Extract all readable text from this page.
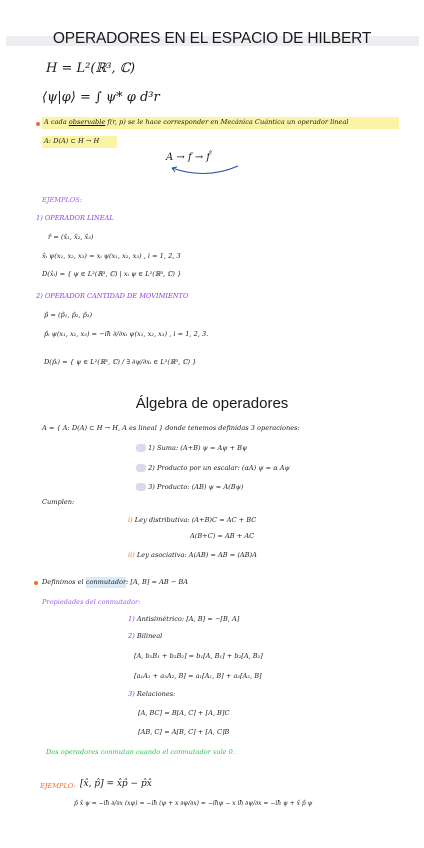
OPERADORES EN EL ESPACIO DE HILBERT
H = L²(ℝ³, ℂ)
⟨ψ|φ⟩ = ∫ ψ* φ d³r
A cada observable f(r, p) se le hace corresponder en Mecánica Cuántica un operador lineal
A: D(A) ⊂ H → H
A → f → f̂
EJEMPLOS:
1) OPERADOR LINEAL
r̂ = (x̂₁, x̂₂, x̂₃)
x̂ᵢ ψ(x₁, x₂, x₃) = xᵢ ψ(x₁, x₂, x₃) , i = 1, 2, 3
D(x̂ᵢ) = { ψ ∈ L²(ℝ³, ℂ) | xᵢ ψ ∈ L²(ℝ³, ℂ) }
2) OPERADOR CANTIDAD DE MOVIMIENTO
p̂ = (p̂₁, p̂₂, p̂₃)
p̂ᵢ ψ(x₁, x₂, x₃) = −iħ ∂/∂xᵢ ψ(x₁, x₂, x₃) , i = 1, 2, 3.
D(p̂ᵢ) = { ψ ∈ L²(ℝ³, ℂ) / ∃ ∂ψ/∂xᵢ ∈ L²(ℝ³, ℂ) }
Álgebra de operadores
A = { A: D(A) ⊂ H → H, A es lineal } donde tenemos definidas 3 operaciones:
1) Suma: (A+B) ψ = Aψ + Bψ
2) Producto por un escalar: (αA) ψ = α Aψ
3) Producto: (AB) ψ = A(Bψ)
Cumplen:
i) Ley distributiva: (A+B)C = AC + BC
A(B+C) = AB + AC
ii) Ley asociativa: A(AB) = AB = (AB)A
Definimos el conmutador: [A, B] = AB − BA
Propiedades del conmutador:
1) Antisimétrico: [A, B] = −[B, A]
2) Bilineal
[A, b₁B₁ + b₂B₂] = b₁[A, B₁] + b₂[A, B₂]
[a₁A₁ + a₂A₂, B] = a₁[A₁, B] + a₂[A₂, B]
3) Relaciones:
[A, BC] = B[A, C] + [A, B]C
[AB, C] = A[B, C] + [A, C]B
Dos operadores conmutan cuando el conmutador vale 0.
EJEMPLO: [x̂, p̂] = x̂p̂ − p̂x̂
p̂ x̂ ψ = −iħ ∂/∂x (xψ) = −iħ (ψ + x ∂ψ/∂x) = −iħψ − x iħ ∂ψ/∂x = −iħ ψ + x̂ p̂ ψ
